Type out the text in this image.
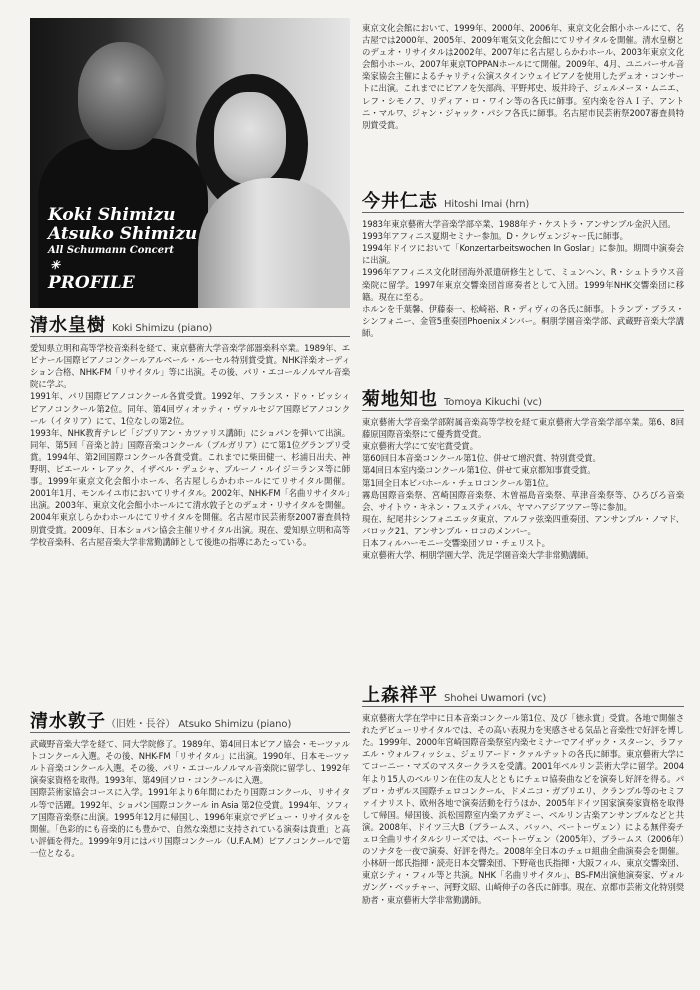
Koki Shimizu
Atsuko Shimizu
All Schumann Concert
✳
PROFILE
清水皇樹 Koki Shimizu (piano)

愛知県立明和高等学校音楽科を経て、東京藝術大学音楽学部器楽科卒業。1989年、エピナール国際ピアノコンクールアルベール・ルーセル特別賞受賞。NHK洋楽オーディション合格、NHK-FM「リサイタル」等に出演。その後、パリ・エコールノルマル音楽院に学ぶ。

1991年、パリ国際ピアノコンクール各賞受賞。1992年、フランス・ドゥ・ピッシィピアノコンクール第2位。同年、第4回ヴィオッティ・ヴァルセジア国際ピアノコンクール（イタリア）にて、1位なしの第2位。

1993年、NHK教育テレビ「ジブリアン・カツァリス講師」にショパンを弾いて出演。同年、第5回「音楽と詩」国際音楽コンクール（ブルガリア）にて第1位グランプリ受賞。1994年、第2回国際コンクール各賞受賞。これまでに柴田健一、杉浦日出夫、神野明、ピエール・レアック、イザベル・デュシャ、ブルーノ・ルイジ＝ランヌ等に師事。1999年東京文化会館小ホール、名古屋しらかわホールにてリサイタル開催。2001年1月、モンルイユ市においてリサイタル。2002年、NHK-FM「名曲リサイタル」出演。2003年、東京文化会館小ホールにて清水敦子とのデュオ・リサイタルを開催。2004年東京しらかわホールにてリサイタルを開催。名古屋市民芸術祭2007審査員特別賞受賞。2009年、日本ショパン協会主催リサイタル出演。現在、愛知県立明和高等学校音楽科、名古屋音楽大学非常勤講師として後進の指導にあたっている。

清水敦子 （旧姓・長谷） Atsuko Shimizu (piano)

武蔵野音楽大学を経て、同大学院修了。1989年、第4回日本ピアノ協会・モーツァルトコンクール入選。その後、NHK-FM「リサイタル」に出演。1990年、日本モーツァルト音楽コンクール入選。その後、パリ・エコールノルマル音楽院に留学し、1992年演奏家資格を取得。1993年、第49回ソロ・コンクールに入選。

国際芸術家協会コースに入学。1991年より6年間にわたり国際コンクール、リサイタル等で活躍。1992年、ショパン国際コンクール in Asia 第2位受賞。1994年、ソフィア国際音楽祭に出演。1995年12月に帰国し、1996年東京でデビュー・リサイタルを開催。「色彩的にも音楽的にも豊かで、自然な楽想に支持されている演奏は貴重」と高い評価を得た。1999年9月にはパリ国際コンクール（U.F.A.M）ピアノコンクールで第一位となる。

東京文化会館において、1999年、2000年、2006年、東京文化会館小ホールにて、名古屋では2000年、2005年、2009年電気文化会館にてリサイタルを開催。清水皇樹とのデュオ・リサイタルは2002年、2007年に名古屋しらかわホール、2003年東京文化会館小ホール、2007年東京TOPPANホールにて開催。2009年、4月、ユニバーサル音楽家協会主催によるチャリティ公演スタインウェイピアノを使用したデュオ・コンサートに出演。これまでにピアノを矢部尚、平野邦史、坂井玲子、ジェルメーヌ・ムニエ、レフ・シモノフ、リディア・ロ・ワイン等の各氏に師事。室内楽を谷ＡＩ子、アントニ・マルワ、ジャン・ジャック・パシフ各氏に師事。名古屋市民芸術祭2007審査員特別賞受賞。

今井仁志 Hitoshi Imai (hrn)

1983年東京藝術大学音楽学部卒業、1988年テ・ケストラ・アンサンブル金沢入団。

1993年アフィニス夏期セミナー参加。D・クレヴェンジャー氏に師事。

1994年ドイツにおいて「Konzertarbeitswochen In Goslar」に参加。期間中演奏会に出演。

1996年アフィニス文化財団海外派遣研修生として、ミュンヘン、R・シュトラウス音楽院に留学。1997年東京交響楽団首席奏者として入団。1999年NHK交響楽団に移籍。現在に至る。

ホルンを千葉馨、伊藤泰一、松崎裕、R・ディヴィの各氏に師事。トランプ・ブラス・シンフォニー、金管5重奏団Phoenixメンバー。桐朋学園音楽学部、武蔵野音楽大学講師。

菊地知也 Tomoya Kikuchi (vc)

東京藝術大学音楽学部附属音楽高等学校を経て東京藝術大学音楽学部卒業。第6、8回藤原国際音楽祭にて優秀賞受賞。

東京藝術大学にて安宅賞受賞。

第60回日本音楽コンクール第1位、併せて増沢賞、特別賞受賞。

第4回日本室内楽コンクール第1位、併せて東京都知事賞受賞。

第1回全日本ビバホール・チェロコンクール第1位。

霧島国際音楽祭、宮崎国際音楽祭、木曽福島音楽祭、草津音楽祭等、ひろびろ音楽会、サイトウ・キネン・フェスティバル、ヤマハアジアツアー等に参加。

現在、紀尾井シンフォニエッタ東京、アルファ弦楽四重奏団、アンサンブル・ノマド、バロック21、アンサンブル・ロコのメンバー。

日本フィルハーモニー交響楽団ソロ・チェリスト。

東京藝術大学、桐朋学園大学、洗足学園音楽大学非常勤講師。

上森祥平 Shohei Uwamori (vc)

東京藝術大学在学中に日本音楽コンクール第1位、及び「徳永賞」受賞。各地で開催されたデビューリサイタルでは、その高い表現力を実感させる気品と音楽性で好評を博した。1999年、2000年宮崎国際音楽祭室内楽セミナーでアイザック・スターン、ラファエル・ウォルフィッシュ、ジェリアード・クァルテットの各氏に師事。東京藝術大学にてコーニー・マズのマスタークラスを受講。2001年ベルリン芸術大学に留学。2004年より15人のベルリン在住の友人とともにチェロ協奏曲などを演奏し好評を得る。パブロ・カザルス国際チェロコンクール、ドメニコ・ガブリエリ、クランブル等のセミファイナリスト、欧州各地で演奏活動を行うほか、2005年ドイツ国家演奏家資格を取得して帰国。帰国後、浜松国際室内楽アカデミー、ベルリン古楽アンサンブルなどと共演。2008年、ドイツ三大B（ブラームス、バッハ、ベートーヴェン）による無伴奏チェロ全曲リサイタルシリーズでは、ベートーヴェン（2005年）、ブラームス（2006年）のソナタを一夜で演奏、好評を得た。2008年全日本のチェロ組曲全曲演奏会を開催。小林研一郎氏指揮・読売日本交響楽団、下野竜也氏指揮・大阪フィル、東京交響楽団、東京シティ・フィル等と共演。NHK「名曲リサイタル」、BS-FM出演他演奏家、ヴォルガング・ベッチャー、河野文昭、山崎伸子の各氏に師事。現在、京都市芸術文化特別奨励者・東京藝術大学非常勤講師。
